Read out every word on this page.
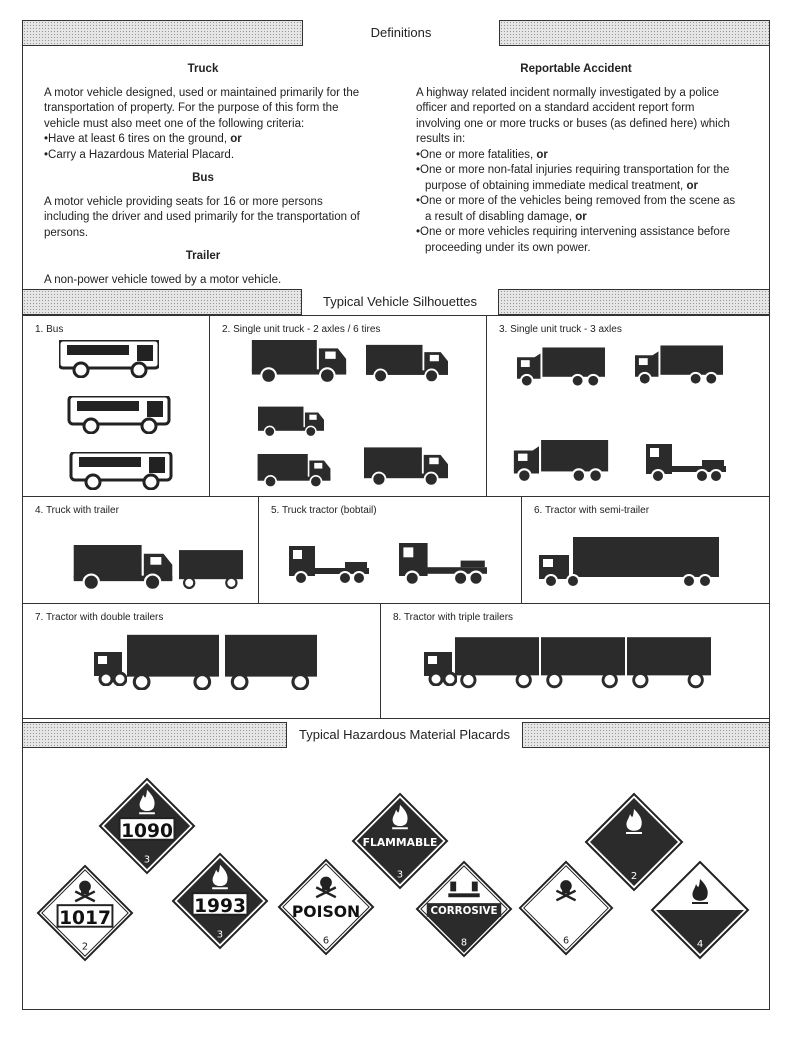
Definitions
Truck

A motor vehicle designed, used or maintained primarily for the transportation of property. For the purpose of this form the vehicle must also meet one of the following criteria:

• Have at least 6 tires on the ground, or
• Carry a Hazardous Material Placard.
Bus

A motor vehicle providing seats for 16 or more persons including the driver and used primarily for the transportation of persons.

Trailer

A non-power vehicle towed by a motor vehicle.

Reportable Accident

A highway related incident normally investigated by a police officer and reported on a standard accident report form involving one or more trucks or buses (as defined here) which results in:

• One or more fatalities, or
• One or more non-fatal injuries requiring transportation for the purpose of obtaining immediate medical treatment, or
• One or more of the vehicles being removed from the scene as a result of disabling damage, or
• One or more vehicles requiring intervening assistance before proceeding under its own power.
Typical Vehicle Silhouettes
1. Bus	2. Single unit truck - 2 axles / 6 tires	3. Single unit truck - 3 axles
4. Truck with trailer	5. Truck tractor (bobtail)	6. Tractor with semi-trailer
7. Tractor with double trailers	8. Tractor with triple trailers
Typical Hazardous Material Placards
1090
3
1017
2
1993
3
POISON
6
FLAMMABLE
3
CORROSIVE
8	6
2
4
